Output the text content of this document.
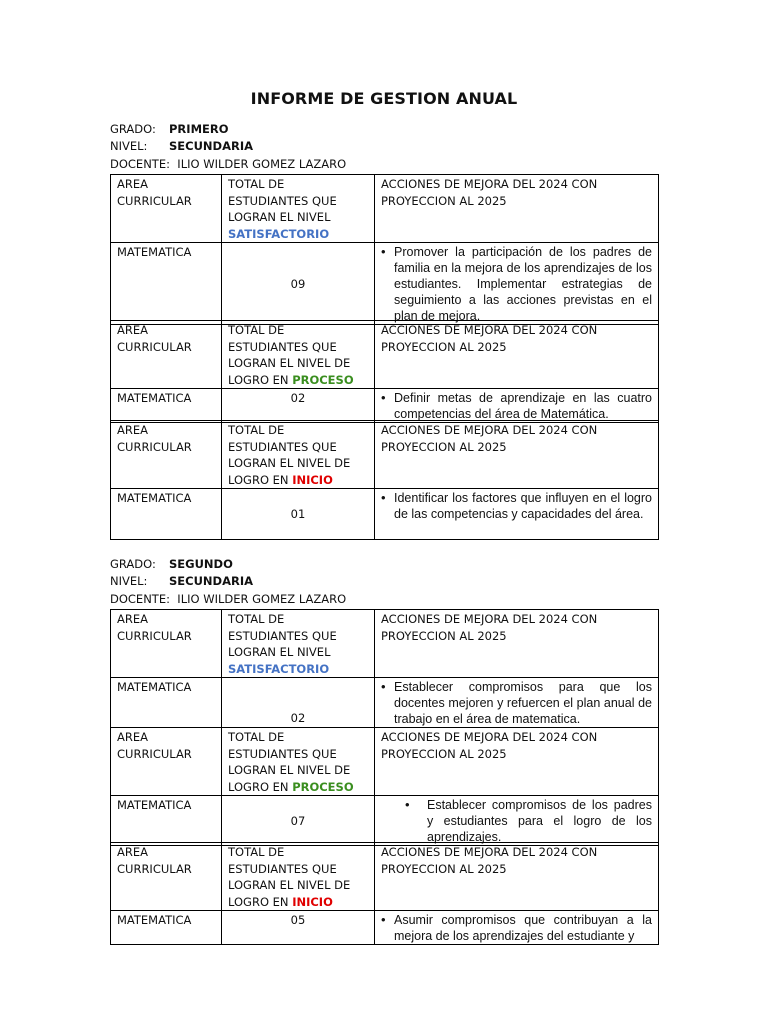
INFORME DE GESTION ANUAL
GRADO: PRIMERO
NIVEL: SECUNDARIA
DOCENTE: ILIO WILDER GOMEZ LAZARO
AREA CURRICULAR	TOTAL DE ESTUDIANTES QUE LOGRAN EL NIVEL SATISFACTORIO	ACCIONES DE MEJORA DEL 2024 CON PROYECCION AL 2025
MATEMATICA	09	• Promover la participación de los padres de familia en la mejora de los aprendizajes de los estudiantes. Implementar estrategias de seguimiento a las acciones previstas en el plan de mejora.
AREA CURRICULAR	TOTAL DE ESTUDIANTES QUE LOGRAN EL NIVEL DE LOGRO EN PROCESO	ACCIONES DE MEJORA DEL 2024 CON PROYECCION AL 2025
MATEMATICA	02	• Definir metas de aprendizaje en las cuatro competencias del área de Matemática.
AREA CURRICULAR	TOTAL DE ESTUDIANTES QUE LOGRAN EL NIVEL DE LOGRO EN INICIO	ACCIONES DE MEJORA DEL 2024 CON PROYECCION AL 2025
MATEMATICA	01	• Identificar los factores que influyen en el logro de las competencias y capacidades del área.
GRADO: SEGUNDO
NIVEL: SECUNDARIA
DOCENTE: ILIO WILDER GOMEZ LAZARO
AREA CURRICULAR	TOTAL DE ESTUDIANTES QUE LOGRAN EL NIVEL SATISFACTORIO	ACCIONES DE MEJORA DEL 2024 CON PROYECCION AL 2025
MATEMATICA	02	• Establecer compromisos para que los docentes mejoren y refuercen el plan anual de trabajo en el área de matematica.
AREA CURRICULAR	TOTAL DE ESTUDIANTES QUE LOGRAN EL NIVEL DE LOGRO EN PROCESO	ACCIONES DE MEJORA DEL 2024 CON PROYECCION AL 2025
MATEMATICA	07	• Establecer compromisos de los padres y estudiantes para el logro de los aprendizajes.
AREA CURRICULAR	TOTAL DE ESTUDIANTES QUE LOGRAN EL NIVEL DE LOGRO EN INICIO	ACCIONES DE MEJORA DEL 2024 CON PROYECCION AL 2025
MATEMATICA	05	• Asumir compromisos que contribuyan a la mejora de los aprendizajes del estudiante y
